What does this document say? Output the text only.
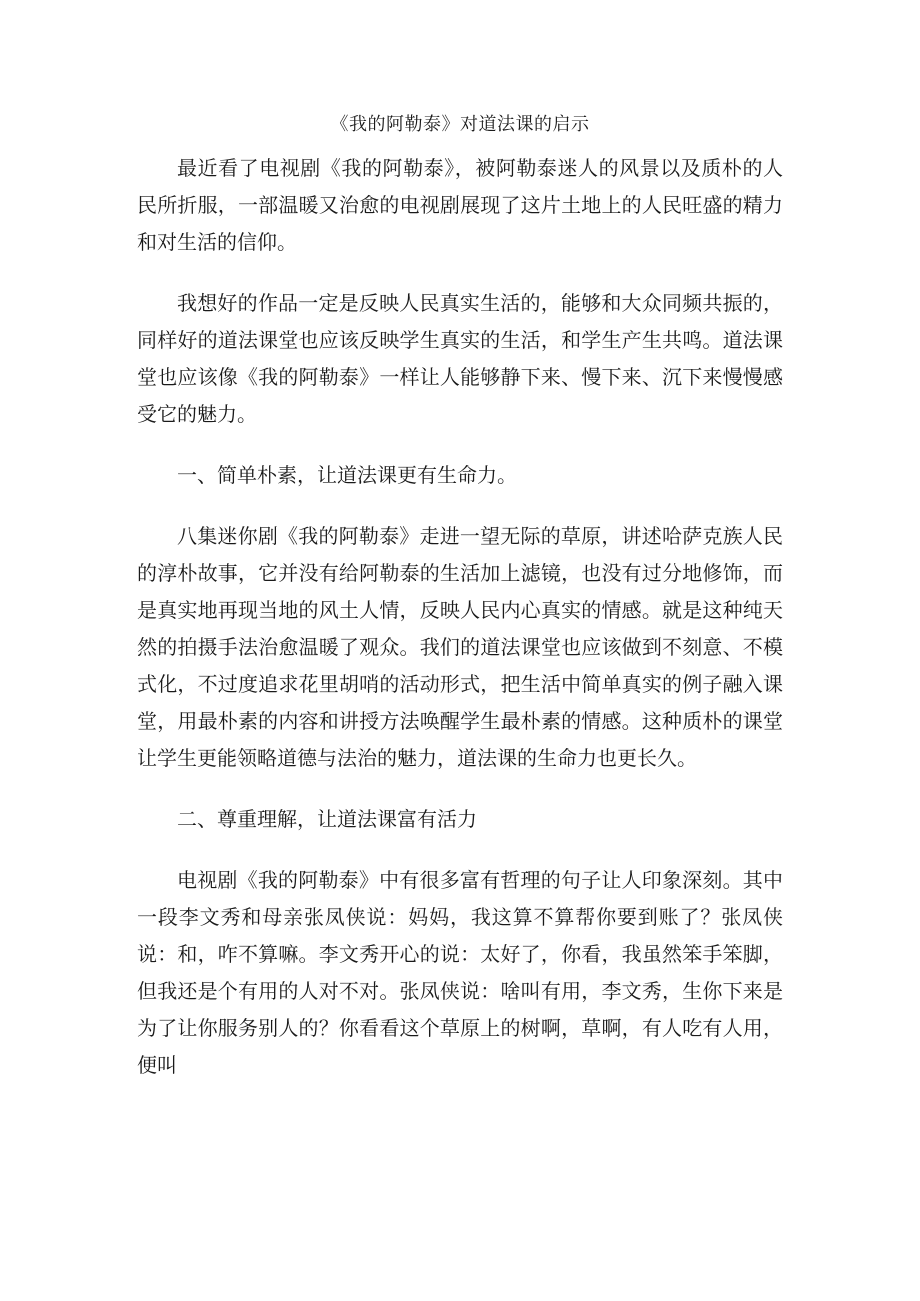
《我的阿勒泰》对道法课的启示

最近看了电视剧《我的阿勒泰》，被阿勒泰迷人的风景以及质朴的人民所折服，一部温暖又治愈的电视剧展现了这片土地上的人民旺盛的精力和对生活的信仰。

我想好的作品一定是反映人民真实生活的，能够和大众同频共振的，同样好的道法课堂也应该反映学生真实的生活，和学生产生共鸣。道法课堂也应该像《我的阿勒泰》一样让人能够静下来、慢下来、沉下来慢慢感受它的魅力。

一、简单朴素，让道法课更有生命力。

八集迷你剧《我的阿勒泰》走进一望无际的草原，讲述哈萨克族人民的淳朴故事，它并没有给阿勒泰的生活加上滤镜，也没有过分地修饰，而是真实地再现当地的风土人情，反映人民内心真实的情感。就是这种纯天然的拍摄手法治愈温暖了观众。我们的道法课堂也应该做到不刻意、不模式化，不过度追求花里胡哨的活动形式，把生活中简单真实的例子融入课堂，用最朴素的内容和讲授方法唤醒学生最朴素的情感。这种质朴的课堂让学生更能领略道德与法治的魅力，道法课的生命力也更长久。

二、尊重理解，让道法课富有活力

电视剧《我的阿勒泰》中有很多富有哲理的句子让人印象深刻。其中一段李文秀和母亲张凤侠说：妈妈，我这算不算帮你要到账了？张凤侠说：和，咋不算嘛。李文秀开心的说：太好了，你看，我虽然笨手笨脚，但我还是个有用的人对不对。张凤侠说：啥叫有用，李文秀，生你下来是为了让你服务别人的？你看看这个草原上的树啊，草啊，有人吃有人用，便叫
